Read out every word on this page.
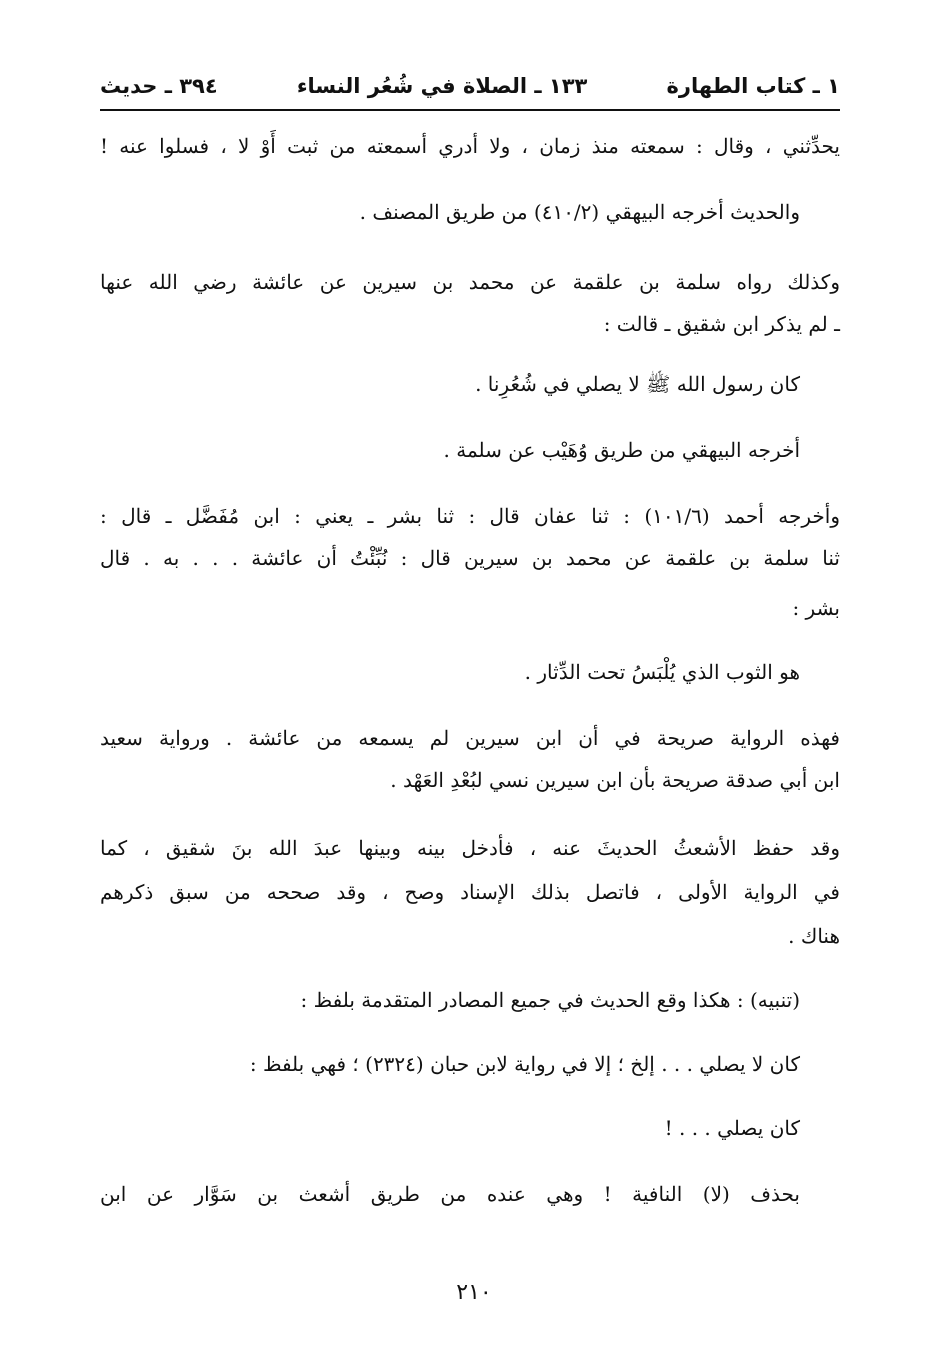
١ ـ كتاب الطهارة
١٣٣ ـ الصلاة في شُعُر النساء
٣٩٤ ـ حديث
يحدِّثني ، وقال : سمعته منذ زمان ، ولا أدري أسمعته من ثبت أَوْ لا ، فسلوا عنه !
والحديث أخرجه البيهقي (٤١٠/٢) من طريق المصنف .
وكذلك رواه سلمة بن علقمة عن محمد بن سيرين عن عائشة رضي الله عنها
ـ لم يذكر ابن شقيق ـ قالت :
كان رسول الله ﷺ لا يصلي في شُعُرِنا .
أخرجه البيهقي من طريق وُهَيْب عن سلمة .
وأخرجه أحمد (١٠١/٦) : ثنا عفان قال : ثنا بشر ـ يعني : ابن مُفَضَّل ـ قال :
ثنا سلمة بن علقمة عن محمد بن سيرين قال : نُبِّئْتُ أن عائشة . . . به . قال
بشر :
هو الثوب الذي يُلْبَسُ تحت الدِّثار .
فهذه الرواية صريحة في أن ابن سيرين لم يسمعه من عائشة . ورواية سعيد
ابن أبي صدقة صريحة بأن ابن سيرين نسي لبُعْدِ العَهْد .
وقد حفظ الأشعثُ الحديثَ عنه ، فأدخل بينه وبينها عبدَ الله بنَ شقيق ، كما
في الرواية الأولى ، فاتصل بذلك الإسناد وصح ، وقد صححه من سبق ذكرهم
هناك .
(تنبيه) : هكذا وقع الحديث في جميع المصادر المتقدمة بلفظ :
كان لا يصلي . . . إلخ ؛ إلا في رواية لابن حبان (٢٣٢٤) ؛ فهي بلفظ :
كان يصلي . . . !
بحذف (لا) النافية ! وهي عنده من طريق أشعث بن سَوَّار عن ابن
٢١٠
